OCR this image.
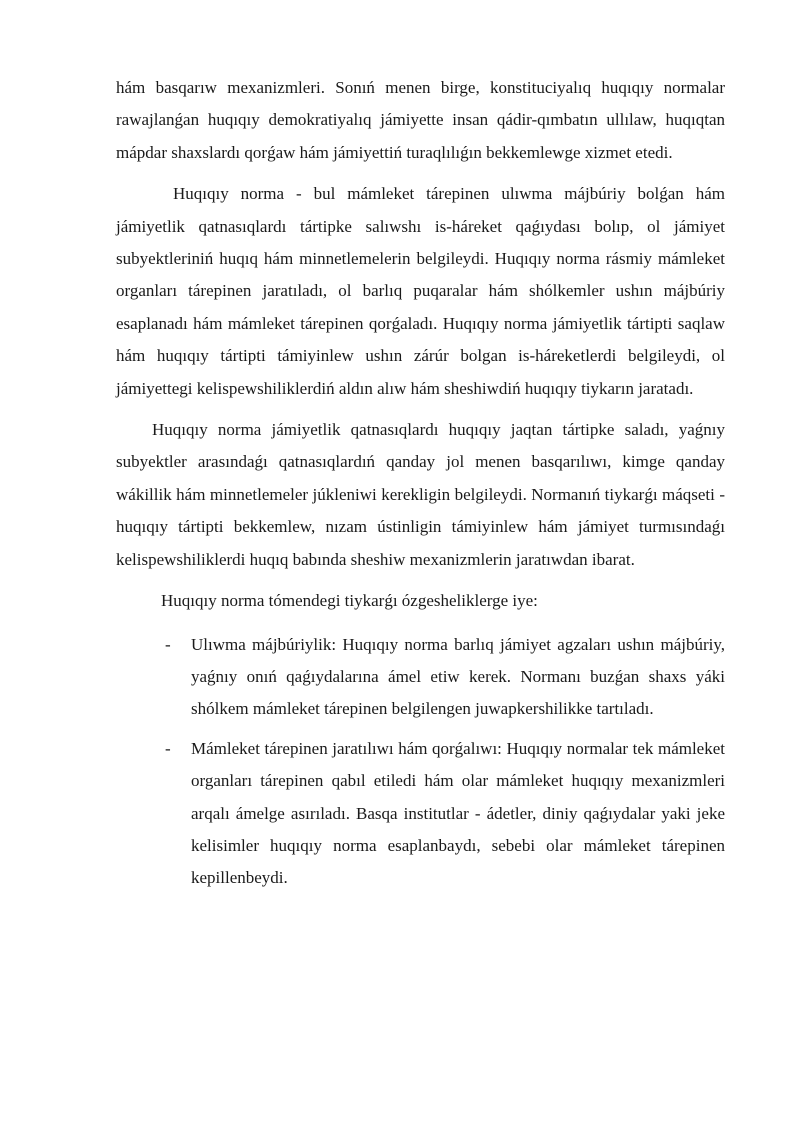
hám basqarıw mexanizmleri. Sonıń menen birge, konstituciyalıq huqıqıy normalar rawajlanǵan huqıqıy demokratiyalıq jámiyette insan qádir-qımbatın ullılaw, huqıqtan mápdar shaxslardı qorǵaw hám jámiyettiń turaqlılıǵın bekkemlewge xizmet etedi.

Huqıqıy norma - bul mámleket tárepinen ulıwma májbúriy bolǵan hám jámiyetlik qatnasıqlardı tártipke salıwshı is-háreket qaǵıydası bolıp, ol jámiyet subyektleriniń huqıq hám minnetlemelerin belgileydi. Huqıqıy norma rásmiy mámleket organları tárepinen jaratıladı, ol barlıq puqaralar hám shólkemler ushın májbúriy esaplanadı hám mámleket tárepinen qorǵaladı. Huqıqıy norma jámiyetlik tártipti saqlaw hám huqıqıy tártipti támiyinlew ushın zárúr bolgan is-háreketlerdi belgileydi, ol jámiyettegi kelispewshiliklerdiń aldın alıw hám sheshiwdiń huqıqıy tiykarın jaratadı.

Huqıqıy norma jámiyetlik qatnasıqlardı huqıqıy jaqtan tártipke saladı, yaǵnıy subyektler arasındaǵı qatnasıqlardıń qanday jol menen basqarılıwı, kimge qanday wákillik hám minnetlemeler júkleniwi kerekligin belgileydi. Normanıń tiykarǵı máqseti - huqıqıy tártipti bekkemlew, nızam ústinligin támiyinlew hám jámiyet turmısındaǵı kelispewshiliklerdi huqıq babında sheshiw mexanizmlerin jaratıwdan ibarat.

Huqıqıy norma tómendegi tiykarǵı ózgesheliklerge iye:

- Ulıwma májbúriylik: Huqıqıy norma barlıq jámiyet agzaları ushın májbúriy, yaǵnıy onıń qaǵıydalarına ámel etiw kerek. Normanı buzǵan shaxs yáki shólkem mámleket tárepinen belgilengen juwapkershilikke tartıladı.
- Mámleket tárepinen jaratılıwı hám qorǵalıwı: Huqıqıy normalar tek mámleket organları tárepinen qabıl etiledi hám olar mámleket huqıqıy mexanizmleri arqalı ámelge asırıladı. Basqa institutlar - ádetler, diniy qaǵıydalar yaki jeke kelisimler huqıqıy norma esaplanbaydı, sebebi olar mámleket tárepinen kepillenbeydi.
